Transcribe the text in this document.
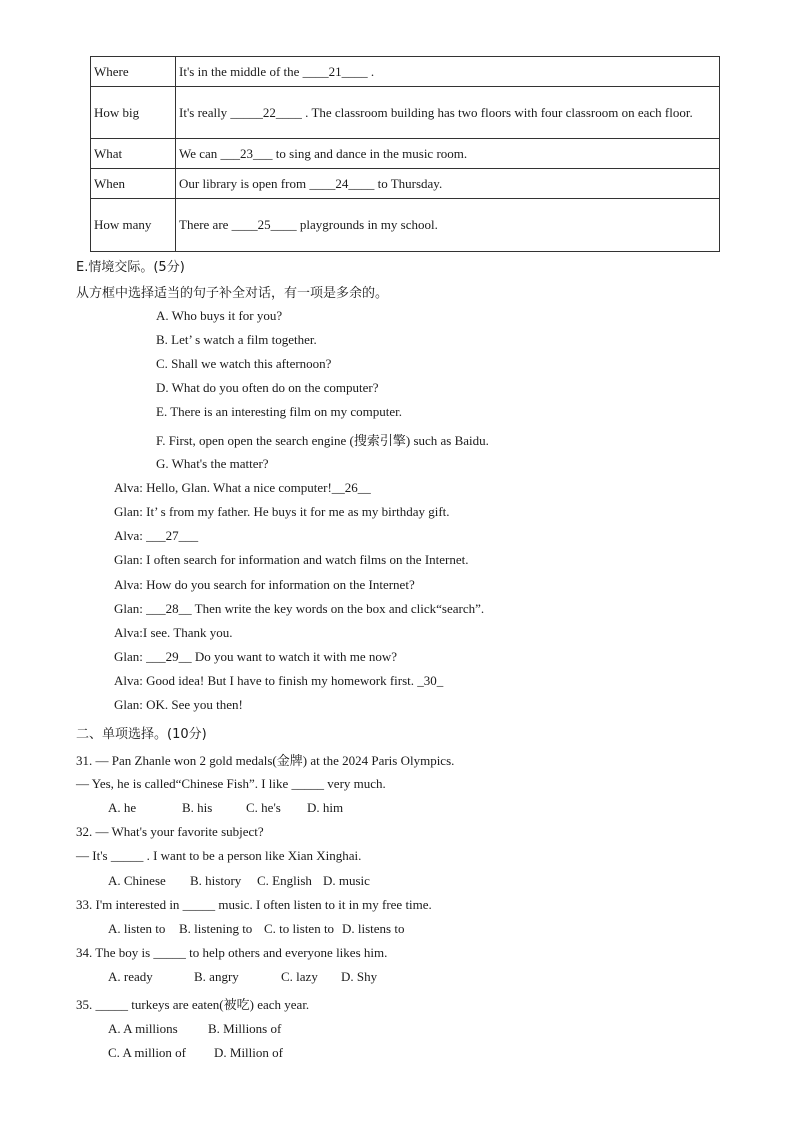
Where	It's in the middle of the ____21____ .
How big	It's really _____22____ . The classroom building has two floors with four classroom on each floor.
What	We can ___23___ to sing and dance in the music room.
When	Our library is open from ____24____ to Thursday.
How many	There are ____25____ playgrounds in my school.
E.情境交际。(5分)
从方框中选择适当的句子补全对话，有一项是多余的。
A. Who buys it for you?
B. Let’ s watch a film together.
C. Shall we watch this afternoon?
D. What do you often do on the computer?
E. There is an interesting film on my computer.
F. First, open open the search engine (搜索引擎) such as Baidu.
G. What's the matter?
Alva: Hello, Glan. What a nice computer!__26__
Glan: It’ s from my father. He buys it for me as my birthday gift.
Alva: ___27___
Glan: I often search for information and watch films on the Internet.
Alva: How do you search for information on the Internet?
Glan: ___28__ Then write the key words on the box and click“search”.
Alva:I see. Thank you.
Glan: ___29__ Do you want to watch it with me now?
Alva: Good idea! But I have to finish my homework first. _30_
Glan: OK. See you then!
二、单项选择。(10分)
31. — Pan Zhanle won 2 gold medals(金牌) at the 2024 Paris Olympics.
— Yes, he is called“Chinese Fish”. I like _____ very much.
A. he	B. his	C. he's D. him
32. — What's your favorite subject?
— It's _____ . I want to be a person like Xian Xinghai.
A. Chinese B. history C. English D. music
33. I'm interested in _____ music. I often listen to it in my free time.
A. listen to B. listening to C. to listen to D. listens to
34. The boy is _____ to help others and everyone likes him.
A. ready	B. angry	C. lazy D. Shy
35. _____ turkeys are eaten(被吃) each year.
A. A millions B. Millions of
C. A million of D. Million of
